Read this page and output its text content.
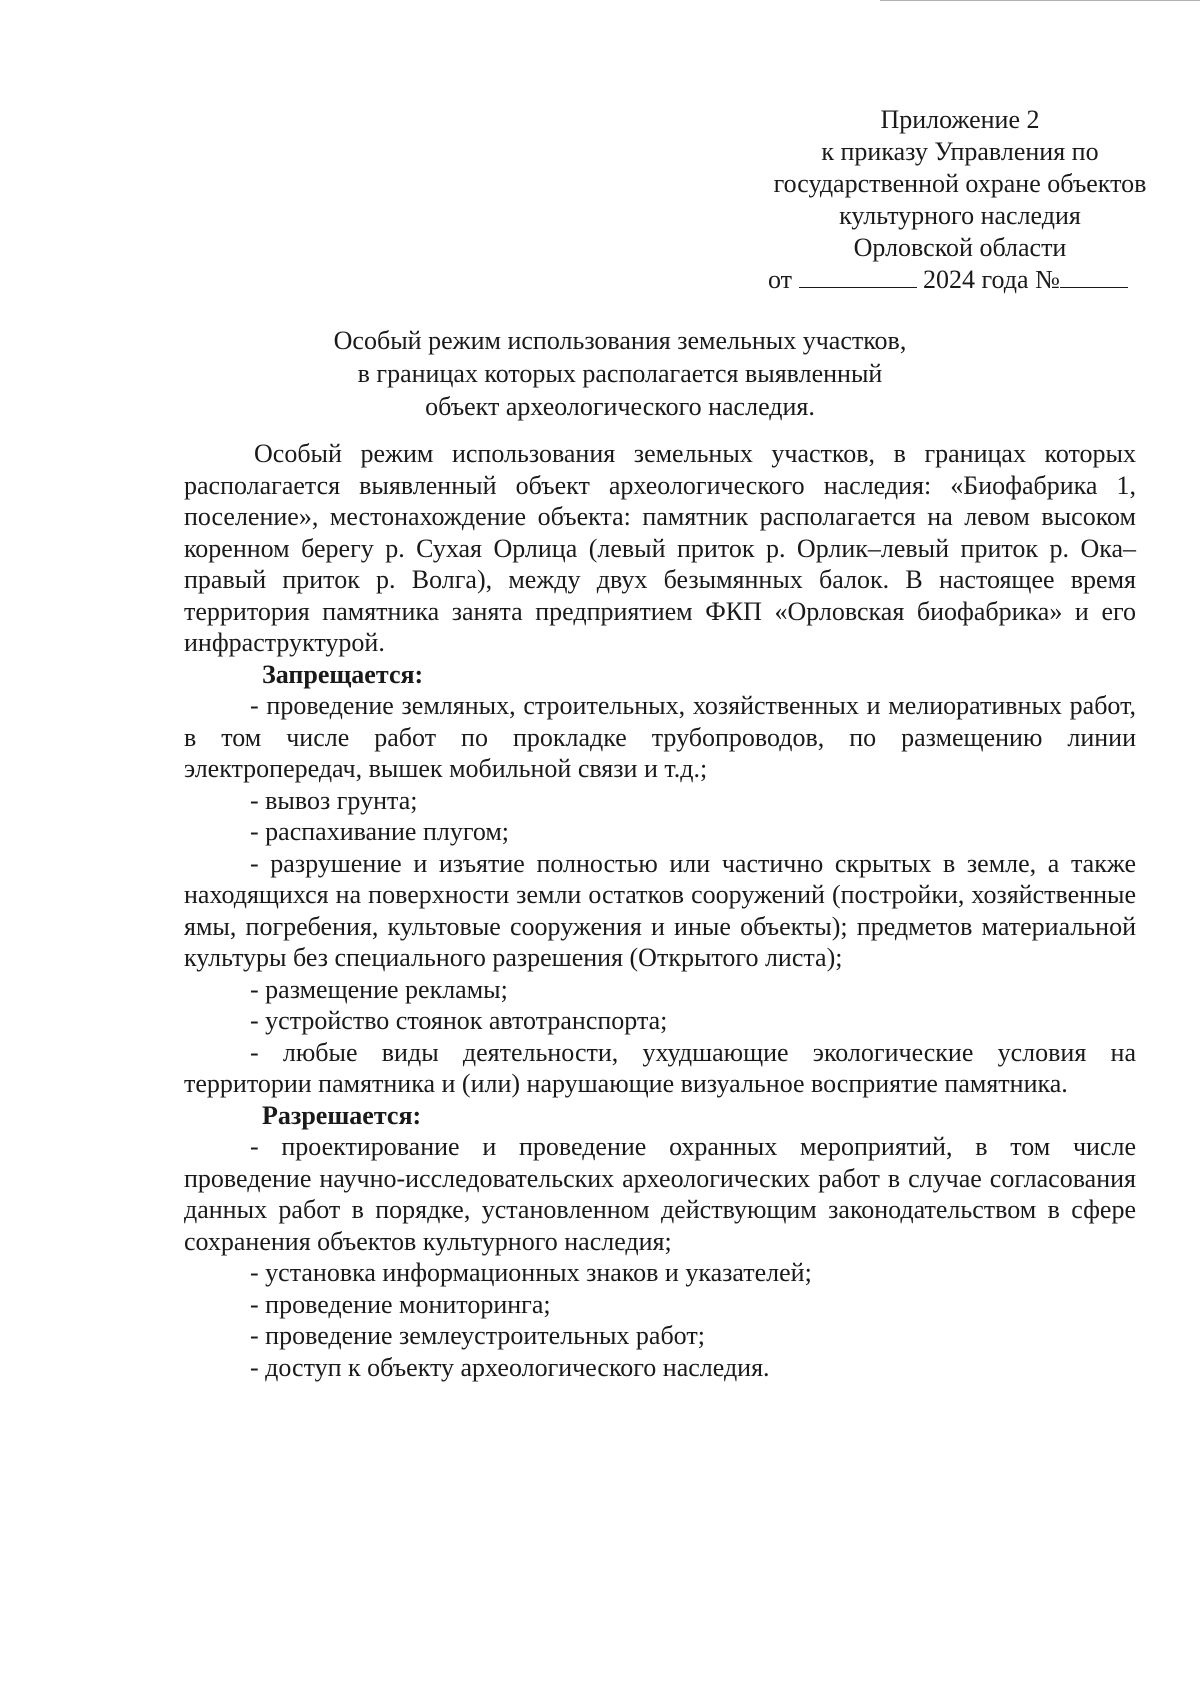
Приложение 2
к приказу Управления по
государственной охране объектов
культурного наследия
Орловской области
от	2024 года №
Особый режим использования земельных участков,
в границах которых располагается выявленный
объект археологического наследия.

Особый режим использования земельных участков, в границах которых располагается выявленный объект археологического наследия: «Биофабрика 1, поселение», местонахождение объекта: памятник располагается на левом высоком коренном берегу р. Сухая Орлица (левый приток р. Орлик–левый приток р. Ока–правый приток р. Волга), между двух безымянных балок. В настоящее время территория памятника занята предприятием ФКП «Орловская биофабрика» и его инфраструктурой.

Запрещается:

- проведение земляных, строительных, хозяйственных и мелиоративных работ, в том числе работ по прокладке трубопроводов, по размещению линии электропередач, вышек мобильной связи и т.д.;

- вывоз грунта;

- распахивание плугом;

- разрушение и изъятие полностью или частично скрытых в земле, а также находящихся на поверхности земли остатков сооружений (постройки, хозяйственные ямы, погребения, культовые сооружения и иные объекты); предметов материальной культуры без специального разрешения (Открытого листа);

- размещение рекламы;

- устройство стоянок автотранспорта;

- любые виды деятельности, ухудшающие экологические условия на территории памятника и (или) нарушающие визуальное восприятие памятника.

Разрешается:

- проектирование и проведение охранных мероприятий, в том числе проведение научно-исследовательских археологических работ в случае согласования данных работ в порядке, установленном действующим законодательством в сфере сохранения объектов культурного наследия;

- установка информационных знаков и указателей;

- проведение мониторинга;

- проведение землеустроительных работ;

- доступ к объекту археологического наследия.
